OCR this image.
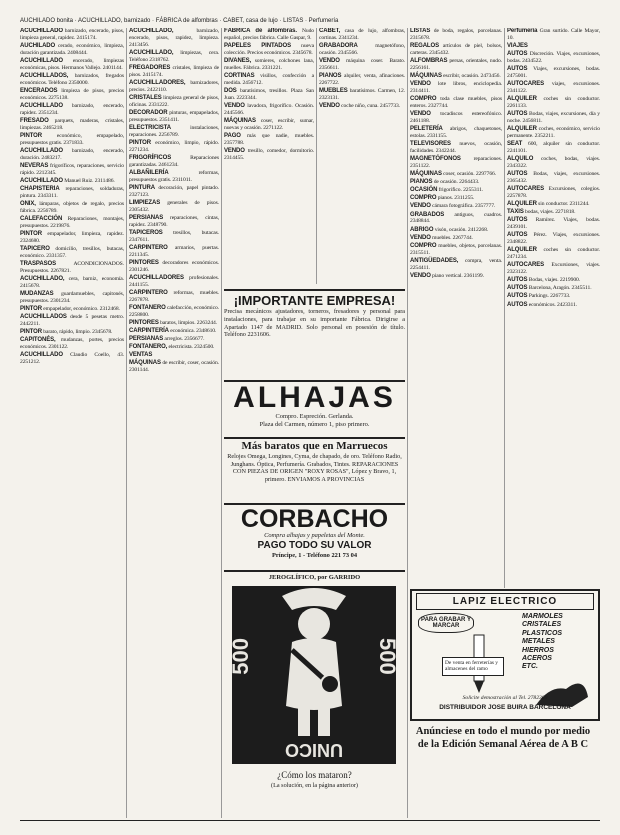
AUCHILADO bonita · ACUCHILLADO, barnizado · FÁBRICA de alfombras · CABET, casa de lujo · LISTAS · Perfumería

ACUCHILLADO barnizado, encerado, pisos, limpieza general, rapidez. 2415174.

AUCHILADO cerado, económico, limpieza, duración garantizada. 2408444.

ACUCHILLADO encerado, limpiezas económicas, pisos. Hermanos Vallejo. 2401144.

ACUCHILLADOS, barnizados, fregados económicos. Teléfono 2350000.

ENCERADOS limpieza de pisos, precios económicos. 2275138.

ACUCHILLADO barnizado, encerado, rapidez. 2351234.

FRESADO parquets, maderas, cristales, limpiezas. 2465218.

PINTOR económico, empapelado, presupuestos gratis. 2371833.

ACUCHILLADO barnizado, encerado, duración. 2483217.

NEVERAS frigoríficos, reparaciones, servicio rápido. 2212345.

ACUCHILLADO Manuel Ruiz. 2311486.

CHAPISTERIA reparaciones, soldaduras, pintura. 2343311.

ONIX, lámparas, objetos de regalo, precios fábrica. 2256789.

CALEFACCIÓN Reparaciones, montajes, presupuestos. 2219876.

PINTOR empapelador, limpieza, rapidez. 2324680.

TAPICERO domicilio, tresillos, butacas, económico. 2331357.

TRASPASOS ACONDICIONADOS. Presupuestos. 2267821.

ACUCHILLADO, cera, barniz, economía. 2415678.

MUDANZAS guardamuebles, capitonés, presupuestos. 2301234.

PINTOR empapelador, económico. 2312468.

ACUCHILLADOS desde 5 pesetas metro. 2442211.

PINTOR barato, rápido, limpio. 2345678.

CAPITONÉS, mudanzas, portes, precios económicos. 2301122.

ACUCHILLADO Claudio Coello, 43. 2251212.

ACUCHILLADO, barnizado, encerado, pisos, rapidez, limpieza. 2413456.

ACUCHILLADO, limpiezas, cera. Teléfono 2318762.

FREGADORES cristales, limpieza de pisos. 2415174.

ACUCHILLADORES, barnizadores, precios. 2422110.

CRISTALES limpieza general de pisos, oficinas. 2331222.

DECORADOR pinturas, empapelados, presupuestos. 2351411.

ELECTRICISTA instalaciones, reparaciones. 2256789.

PINTOR económico, limpio, rápido. 2271234.

FRIGORÍFICOS Reparaciones garantizadas. 2461234.

ALBAÑILERÍA reformas, presupuestos gratis. 2311011.

PINTURA decoración, papel pintado. 2327123.

LIMPIEZAS generales de pisos. 2305432.

PERSIANAS reparaciones, cintas, rapidez. 2348790.

TAPICEROS tresillos, butacas. 2347611.

CARPINTERO armarios, puertas. 2211345.

PINTORES decoradores económicos. 2301246.

ACUCHILLADORES profesionales. 2441155.

CARPINTERO reformas, muebles. 2267878.

FONTANERO calefacción, económico. 2258800.

PINTORES baratos, limpios. 2263244.

CARPINTERÍA económica. 2348610.

PERSIANAS arreglos. 2356677.

FONTANERO, electricista. 2324500.

VENTAS

MÁQUINAS de escribir, coser, ocasión. 2301144.

FÁBRICA de alfombras. Nudo español, precios fábrica. Calle Gaspar, 9.

PAPELES PINTADOS nueva colección. Precios económicos. 2345678.

DIVANES, somieres, colchones lana, muelles. Fábrica. 2331221.

CORTINAS visillos, confección a medida. 2456712.

DOS baratísimos, tresillos. Plaza San Juan. 2223344.

VENDO lavadora, frigorífico. Ocasión. 2445566.

MÁQUINAS coser, escribir, sumar, nuevas y ocasión. 2271122.

PAGO más que nadie, muebles. 2357788.

VENDO tresillo, comedor, dormitorio. 2314455.

CABET, casa de lujo, alfombras, cortinas. 2341234.

GRABADORA magnetófono, ocasión. 2345566.

VENDO máquina coser. Barato. 2356611.

PIANOS alquiler, venta, afinaciones. 2267722.

MUEBLES baratísimos. Carmen, 12. 2323131.

VENDO coche niño, cuna. 2457733.

LISTAS de boda, regalos, porcelanas. 2315678.

REGALOS artículos de piel, bolsos, carteras. 2345432.

ALFOMBRAS persas, orientales, nudo. 2256161.

MÁQUINAS escribir, ocasión. 2473456.

VENDO lote libros, enciclopedia. 2314411.

COMPRO toda clase muebles, pisos enteros. 2327744.

VENDO tocadiscos estereofónico. 2461188.

PELETERÍA abrigos, chaquetones, estolas. 2331155.

TELEVISORES nuevos, ocasión, facilidades. 2342244.

MAGNETÓFONOS reparaciones. 2351122.

MÁQUINAS coser, ocasión. 2297766.

PIANOS de ocasión. 2264433.

OCASIÓN frigorífico. 2255311.

COMPRO pianos. 2311255.

VENDO cámara fotográfica. 2357777.

GRABADOS antiguos, cuadros. 2348844.

ABRIGO visón, ocasión. 2412268.

VENDO muebles. 2267744.

COMPRO muebles, objetos, porcelanas. 2315511.

ANTIGÜEDADES, compra, venta. 2254411.

VENDO piano vertical. 2361199.

Perfumería Gran surtido. Calle Mayor, 10.

VIAJES

AUTOS Discreción. Viajes, excursiones, bodas. 2434522.

AUTOS Viajes, excursiones, bodas. 2475001.

AUTOCARES viajes, excursiones. 2341122.

ALQUILER coches sin conductor. 2261133.

AUTOS Bodas, viajes, excursiones, día y noche. 2456811.

ALQUILER coches, económico, servicio permanente. 2352211.

SEAT 600, alquiler sin conductor. 2241101.

ALQUILO coches, bodas, viajes. 2343322.

AUTOS Bodas, viajes, excursiones. 2365432.

AUTOCARES Excursiones, colegios. 2257878.

ALQUILER sin conductor. 2311244.

TAXIS bodas, viajes. 2271818.

AUTOS Ramírez. Viajes, bodas. 2439101.

AUTOS Pérez. Viajes, excursiones. 2348822.

ALQUILER coches sin conductor. 2471234.

AUTOCARES Excursiones, viajes. 2323122.

AUTOS Bodas, viajes. 2219900.

AUTOS Barcelona, Aragón. 2345511.

AUTOS Parkings. 2267733.

AUTOS económicos. 2423311.

¡IMPORTANTE EMPRESA!
Precisa mecánicos ajustadores, torneros, fresadores y personal para instalaciones, para trabajar en su importante Fábrica. Dirigirse a Apartado 1147 de MADRID. Solo personal en posesión de título. Teléfono 2231606.
ALHAJAS
Compro. Espreción. Gerlanda.
Plaza del Carmen, número 1, piso primero.
Más baratos que en Marruecos
Relojes Omega, Longines, Cyma, de chapado, de oro. Teléfono Radio, Junghans. Óptica, Perfumería. Grabados, Tintes. REPARACIONES CON PIEZAS DE ORIGEN "ROXY ROSAS", López y Bravo, 1, primero. ENVIAMOS A PROVINCIAS
CORBACHO
Compra alhajas y papeletas del Monte.
PAGO TODO SU VALOR
Príncipe, 1 - Teléfono 221 73 04
JEROGLÍFICO, por GARRIDO
500	500
UNICO
¿Cómo los mataron?
(La solución, en la página anterior)
LAPIZ ELECTRICO
PARA GRABAR Y MARCAR
MARMOLES
CRISTALES
PLASTICOS
METALES
HIERROS
ACEROS
ETC.
De venta en ferreterías y almacenes del ramo
Solicite demostración al Tel. 2782369
DISTRIBUIDOR JOSE BUIRA BARCELONA
Anúnciese en todo el mundo por medio de la Edición Semanal Aérea de A B C
